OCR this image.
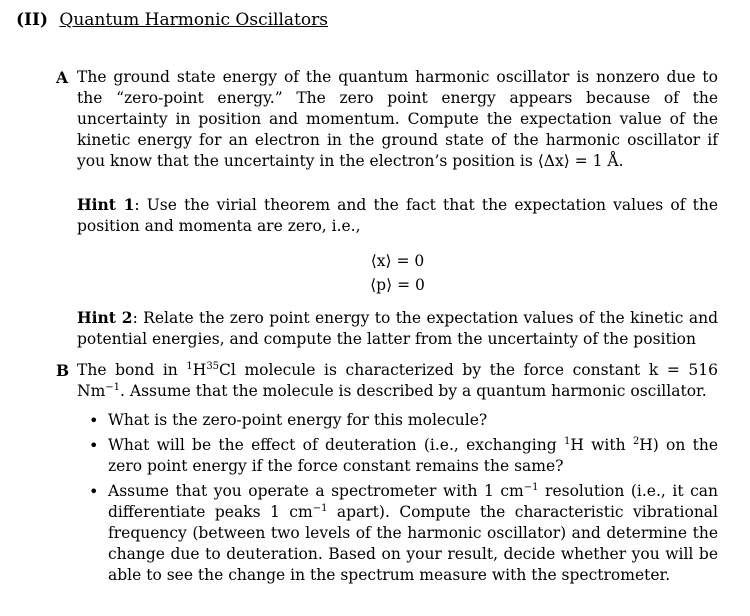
(II) Quantum Harmonic Oscillators
A The ground state energy of the quantum harmonic oscillator is nonzero due to the “zero-point energy.” The zero point energy appears because of the uncertainty in position and momentum. Compute the expectation value of the kinetic energy for an electron in the ground state of the harmonic oscillator if you know that the uncertainty in the electron’s position is ⟨Δx⟩ = 1 Å.
Hint 1: Use the virial theorem and the fact that the expectation values of the position and momenta are zero, i.e.,
⟨x⟩ = 0
⟨p⟩ = 0
Hint 2: Relate the zero point energy to the expectation values of the kinetic and potential energies, and compute the latter from the uncertainty of the position
B The bond in $^1H^{35}Cl$ molecule is characterized by the force constant k = 516 $Nm^{-1}$. Assume that the molecule is described by a quantum harmonic oscillator.
• What is the zero-point energy for this molecule?
• What will be the effect of deuteration (i.e., exchanging $^1$H with $^2$H) on the zero point energy if the force constant remains the same?
• Assume that you operate a spectrometer with 1 $cm^{-1}$ resolution (i.e., it can differentiate peaks 1 $cm^{-1}$ apart). Compute the characteristic vibrational frequency (between two levels of the harmonic oscillator) and determine the change due to deuteration. Based on your result, decide whether you will be able to see the change in the spectrum measure with the spectrometer.
